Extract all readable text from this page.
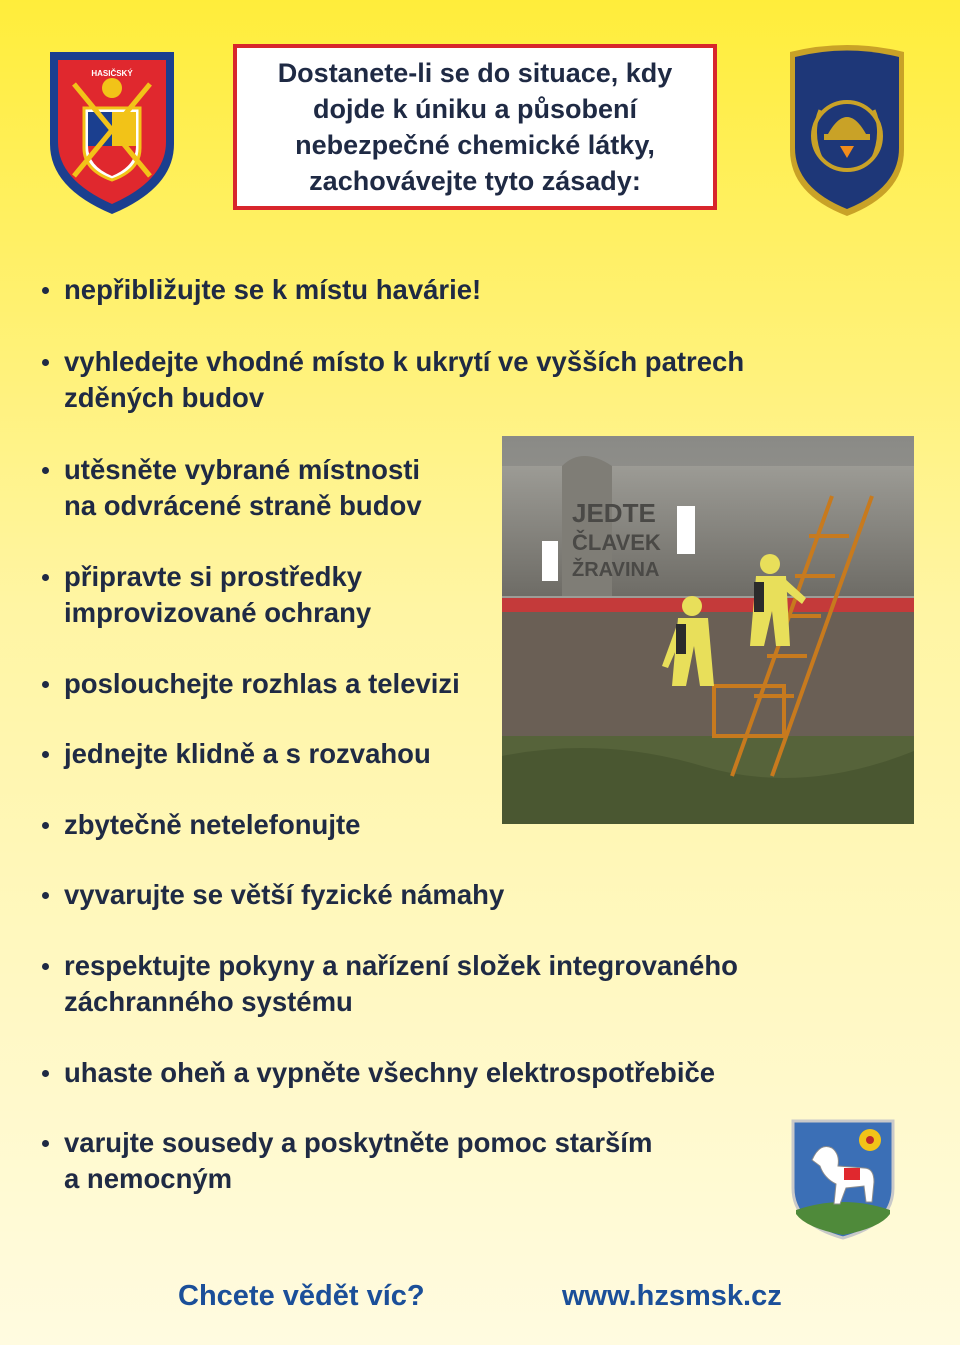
HASIČSKÝ	Dostanete-li se do situace, kdy dojde k úniku a působení nebezpečné chemické látky, zachovávejte tyto zásady:

nepřibližujte se k místu havárie!
vyhledejte vhodné místo k ukrytí ve vyšších patrech
zděných budov
utěsněte vybrané místnosti
na odvrácené straně budov
připravte si prostředky
improvizované ochrany
poslouchejte rozhlas a televizi
jednejte klidně a s rozvahou
zbytečně netelefonujte
vyvarujte se větší fyzické námahy
respektujte pokyny a nařízení složek integrovaného
záchranného systému
uhaste oheň a vypněte všechny elektrospotřebiče
varujte sousedy a poskytněte pomoc starším
a nemocným
JEDTE
ČLAVEK
ŽRAVINA
Chcete vědět víc?	www.hzsmsk.cz
